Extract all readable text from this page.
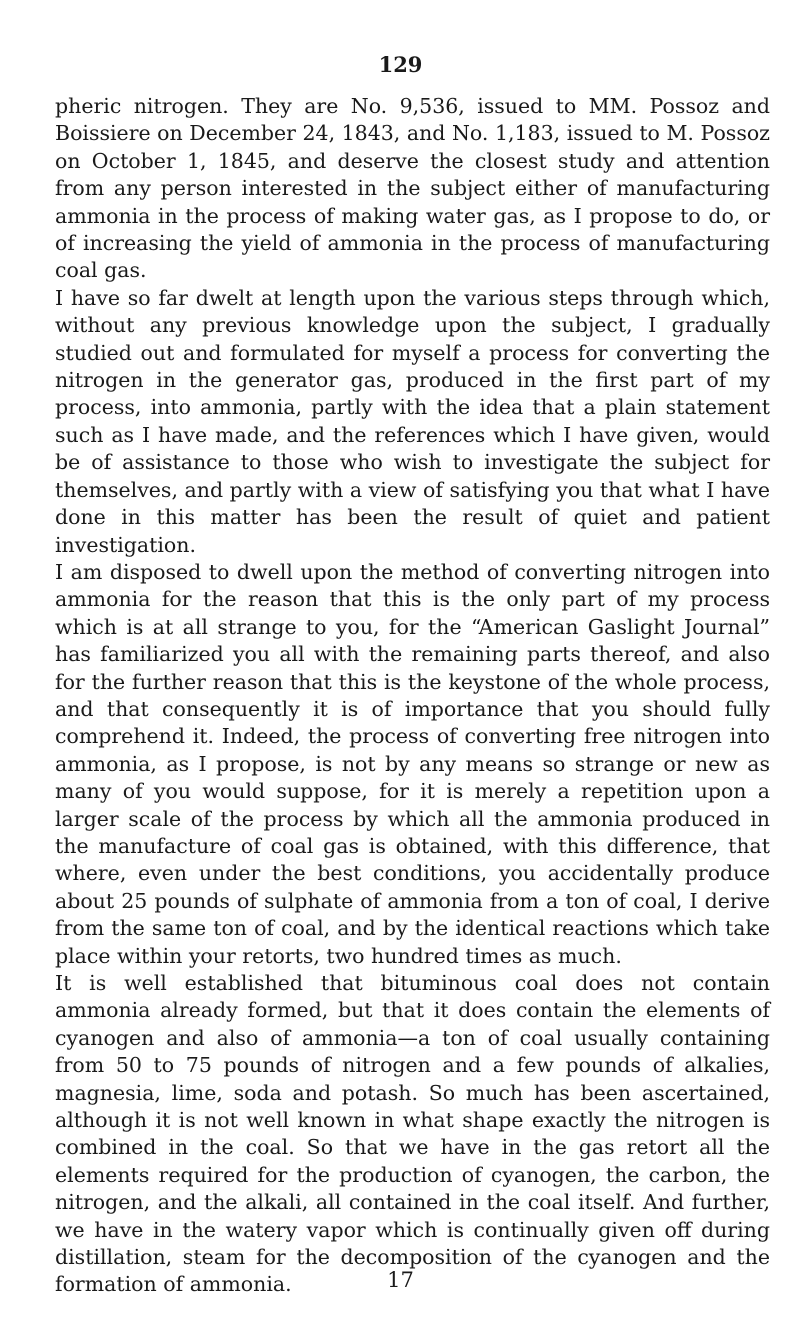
129

pheric nitrogen. They are No. 9,536, issued to MM. Possoz and Boissiere on December 24, 1843, and No. 1,183, issued to M. Possoz on October 1, 1845, and deserve the closest study and attention from any person interested in the subject either of manufacturing ammonia in the process of making water gas, as I propose to do, or of increasing the yield of ammonia in the process of manufacturing coal gas.

I have so far dwelt at length upon the various steps through which, without any previous knowledge upon the subject, I gradually studied out and formulated for myself a process for converting the nitrogen in the generator gas, produced in the first part of my process, into ammonia, partly with the idea that a plain statement such as I have made, and the references which I have given, would be of assistance to those who wish to investigate the subject for themselves, and partly with a view of satisfying you that what I have done in this matter has been the result of quiet and patient investigation.

I am disposed to dwell upon the method of converting nitrogen into ammonia for the reason that this is the only part of my process which is at all strange to you, for the “American Gaslight Journal” has familiarized you all with the remaining parts thereof, and also for the further reason that this is the keystone of the whole process, and that consequently it is of importance that you should fully comprehend it. Indeed, the process of converting free nitrogen into ammonia, as I propose, is not by any means so strange or new as many of you would suppose, for it is merely a repetition upon a larger scale of the process by which all the ammonia produced in the manufacture of coal gas is obtained, with this difference, that where, even under the best conditions, you accidentally produce about 25 pounds of sulphate of ammonia from a ton of coal, I derive from the same ton of coal, and by the identical reactions which take place within your retorts, two hundred times as much.

It is well established that bituminous coal does not contain ammonia already formed, but that it does contain the elements of cyanogen and also of ammonia—a ton of coal usually containing from 50 to 75 pounds of nitrogen and a few pounds of alkalies, magnesia, lime, soda and potash. So much has been ascertained, although it is not well known in what shape exactly the nitrogen is combined in the coal. So that we have in the gas retort all the elements required for the production of cyanogen, the carbon, the nitrogen, and the alkali, all contained in the coal itself. And further, we have in the watery vapor which is continually given off during distillation, steam for the decomposition of the cyanogen and the formation of ammonia.	17
